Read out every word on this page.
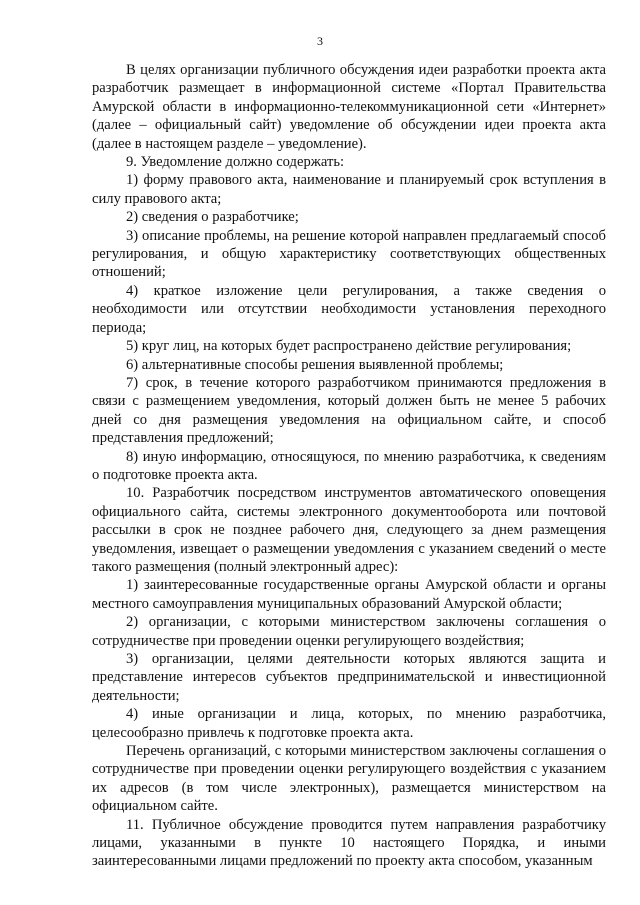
3

В целях организации публичного обсуждения идеи разработки проекта акта разработчик размещает в информационной системе «Портал Правительства Амурской области в информационно-телекоммуникационной сети «Интернет» (далее – официальный сайт) уведомление об обсуждении идеи проекта акта (далее в настоящем разделе – уведомление).

9. Уведомление должно содержать:

1) форму правового акта, наименование и планируемый срок вступления в силу правового акта;

2) сведения о разработчике;

3) описание проблемы, на решение которой направлен предлагаемый способ регулирования, и общую характеристику соответствующих общественных отношений;

4) краткое изложение цели регулирования, а также сведения о необходимости или отсутствии необходимости установления переходного периода;

5) круг лиц, на которых будет распространено действие регулирования;

6) альтернативные способы решения выявленной проблемы;

7) срок, в течение которого разработчиком принимаются предложения в связи с размещением уведомления, который должен быть не менее 5 рабочих дней со дня размещения уведомления на официальном сайте, и способ представления предложений;

8) иную информацию, относящуюся, по мнению разработчика, к сведениям о подготовке проекта акта.

10. Разработчик посредством инструментов автоматического оповещения официального сайта, системы электронного документооборота или почтовой рассылки в срок не позднее рабочего дня, следующего за днем размещения уведомления, извещает о размещении уведомления с указанием сведений о месте такого размещения (полный электронный адрес):

1) заинтересованные государственные органы Амурской области и органы местного самоуправления муниципальных образований Амурской области;

2) организации, с которыми министерством заключены соглашения о сотрудничестве при проведении оценки регулирующего воздействия;

3) организации, целями деятельности которых являются защита и представление интересов субъектов предпринимательской и инвестиционной деятельности;

4) иные организации и лица, которых, по мнению разработчика, целесообразно привлечь к подготовке проекта акта.

Перечень организаций, с которыми министерством заключены соглашения о сотрудничестве при проведении оценки регулирующего воздействия с указанием их адресов (в том числе электронных), размещается министерством на официальном сайте.

11. Публичное обсуждение проводится путем направления разработчику лицами, указанными в пункте 10 настоящего Порядка, и иными заинтересованными лицами предложений по проекту акта способом, указанным
